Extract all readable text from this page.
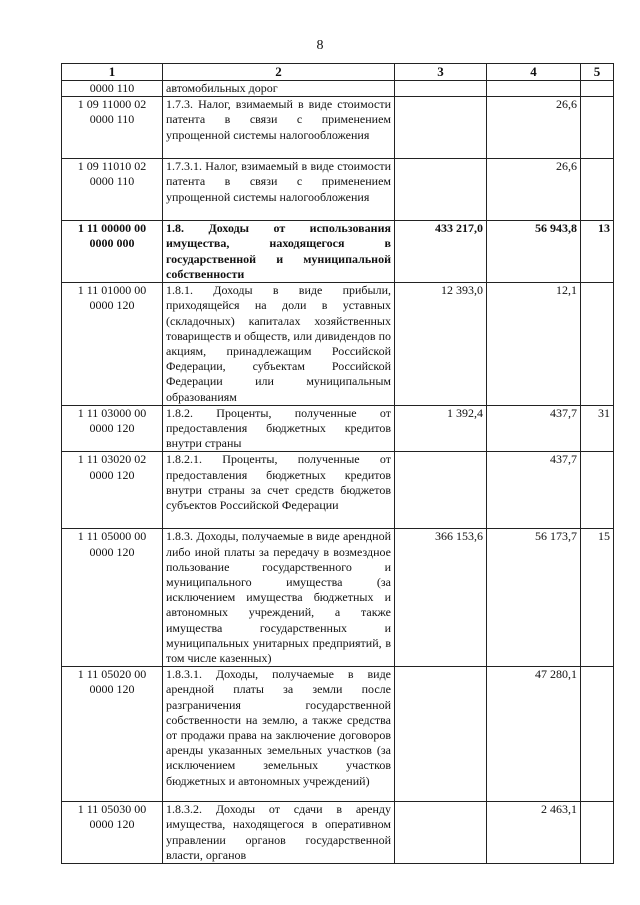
8
1	2	3	4	5

0000 110	автомобильных дорог			

1 09 11000 02
0000 110	1.7.3. Налог, взимаемый в виде стоимости патента в связи с применением упрощенной системы налогообложения		26,6	

1 09 11010 02
0000 110	1.7.3.1. Налог, взимаемый в виде стоимости патента в связи с применением упрощенной системы налогообложения		26,6	

1 11 00000 00
0000 000	1.8. Доходы от использования имущества, находящегося в государственной и муниципальной собственности	433 217,0	56 943,8	13

1 11 01000 00
0000 120	1.8.1. Доходы в виде прибыли, приходящейся на доли в уставных (складочных) капиталах хозяйственных товариществ и обществ, или дивидендов по акциям, принадлежащим Российской Федерации, субъектам Российской Федерации или муниципальным образованиям	12 393,0	12,1	

1 11 03000 00
0000 120	1.8.2. Проценты, полученные от предоставления бюджетных кредитов внутри страны	1 392,4	437,7	31

1 11 03020 02
0000 120	1.8.2.1. Проценты, полученные от предоставления бюджетных кредитов внутри страны за счет средств бюджетов субъектов Российской Федерации		437,7	

1 11 05000 00
0000 120	1.8.3. Доходы, получаемые в виде арендной либо иной платы за передачу в возмездное пользование государственного и муниципального имущества (за исключением имущества бюджетных и автономных учреждений, а также имущества государственных и муниципальных унитарных предприятий, в том числе казенных)	366 153,6	56 173,7	15

1 11 05020 00
0000 120	1.8.3.1. Доходы, получаемые в виде арендной платы за земли после разграничения государственной собственности на землю, а также средства от продажи права на заключение договоров аренды указанных земельных участков (за исключением земельных участков бюджетных и автономных учреждений)		47 280,1	

1 11 05030 00
0000 120	1.8.3.2. Доходы от сдачи в аренду имущества, находящегося в оперативном управлении органов государственной власти, органов		2 463,1	
